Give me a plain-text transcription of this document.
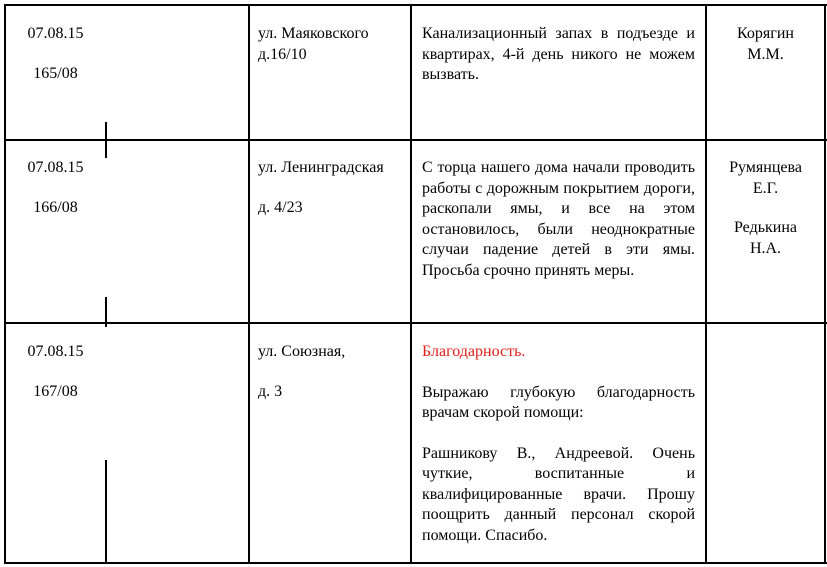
07.08.15
165/08
ул. Маяковского
д.16/10
Канализационный запах в подъезде и квартирах, 4-й день никого не можем вызвать.
Корягин
М.М.
07.08.15
166/08
ул. Ленинградская
д. 4/23
С торца нашего дома начали проводить работы с дорожным покрытием дороги, раскопали ямы, и все на этом остановилось, были неоднократные случаи падение детей в эти ямы. Просьба срочно принять меры.
Румянцева
Е.Г.
Редькина
Н.А.
07.08.15
167/08
ул. Союзная,
д. 3
Благодарность.
Выражаю глубокую благодарность врачам скорой помощи:
Рашникову В., Андреевой. Очень чуткие, воспитанные и квалифицированные врачи. Прошу поощрить данный персонал скорой помощи. Спасибо.
